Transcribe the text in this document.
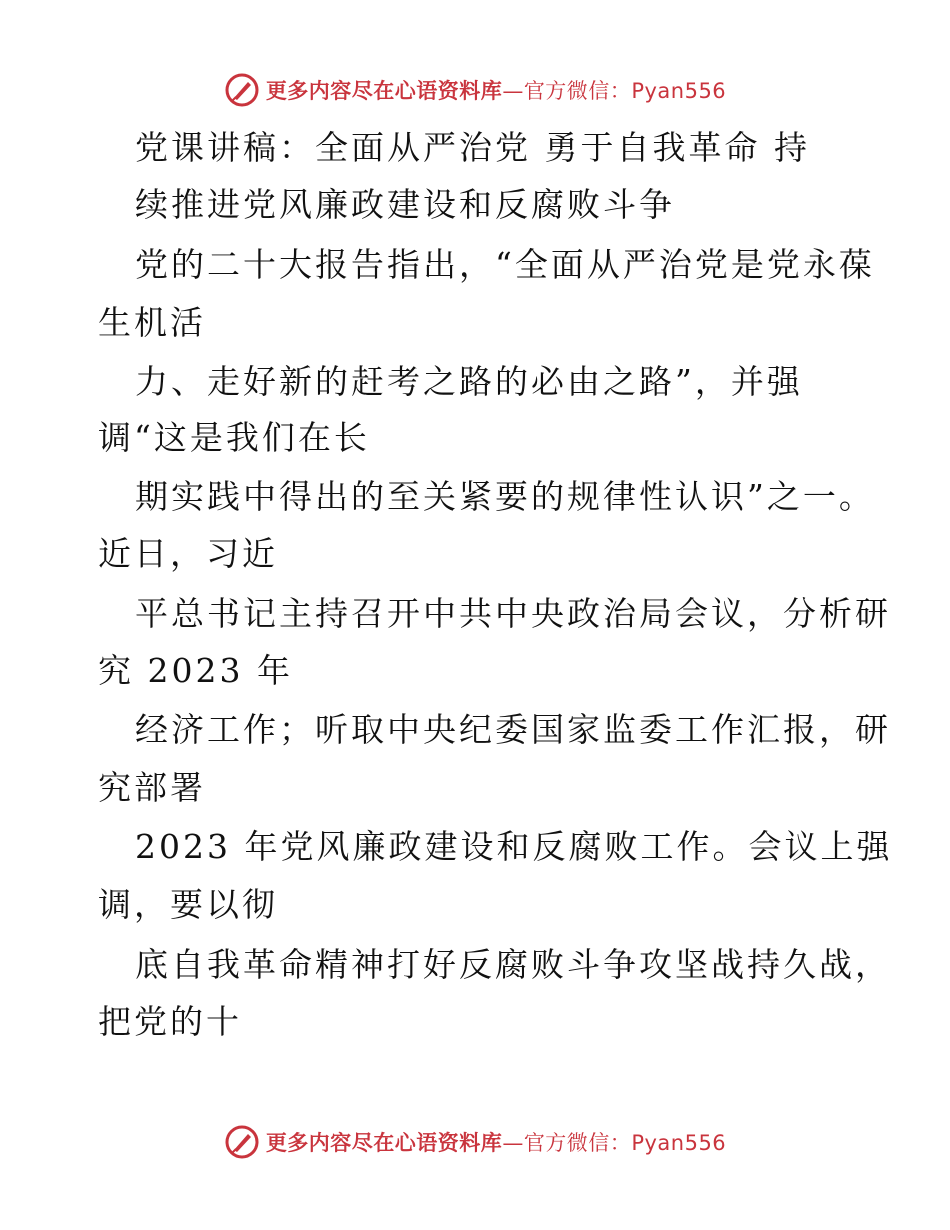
更多内容尽在心语资料库—官方微信：Pyan556
党课讲稿：全面从严治党 勇于自我革命 持
续推进党风廉政建设和反腐败斗争
党的二十大报告指出，“全面从严治党是党永葆
生机活
力、走好新的赶考之路的必由之路”，并强
调“这是我们在长
期实践中得出的至关紧要的规律性认识”之一。
近日，习近
平总书记主持召开中共中央政治局会议，分析研
究 2023 年
经济工作；听取中央纪委国家监委工作汇报，研
究部署
2023 年党风廉政建设和反腐败工作。会议上强
调，要以彻
底自我革命精神打好反腐败斗争攻坚战持久战，
把党的十
更多内容尽在心语资料库—官方微信：Pyan556
